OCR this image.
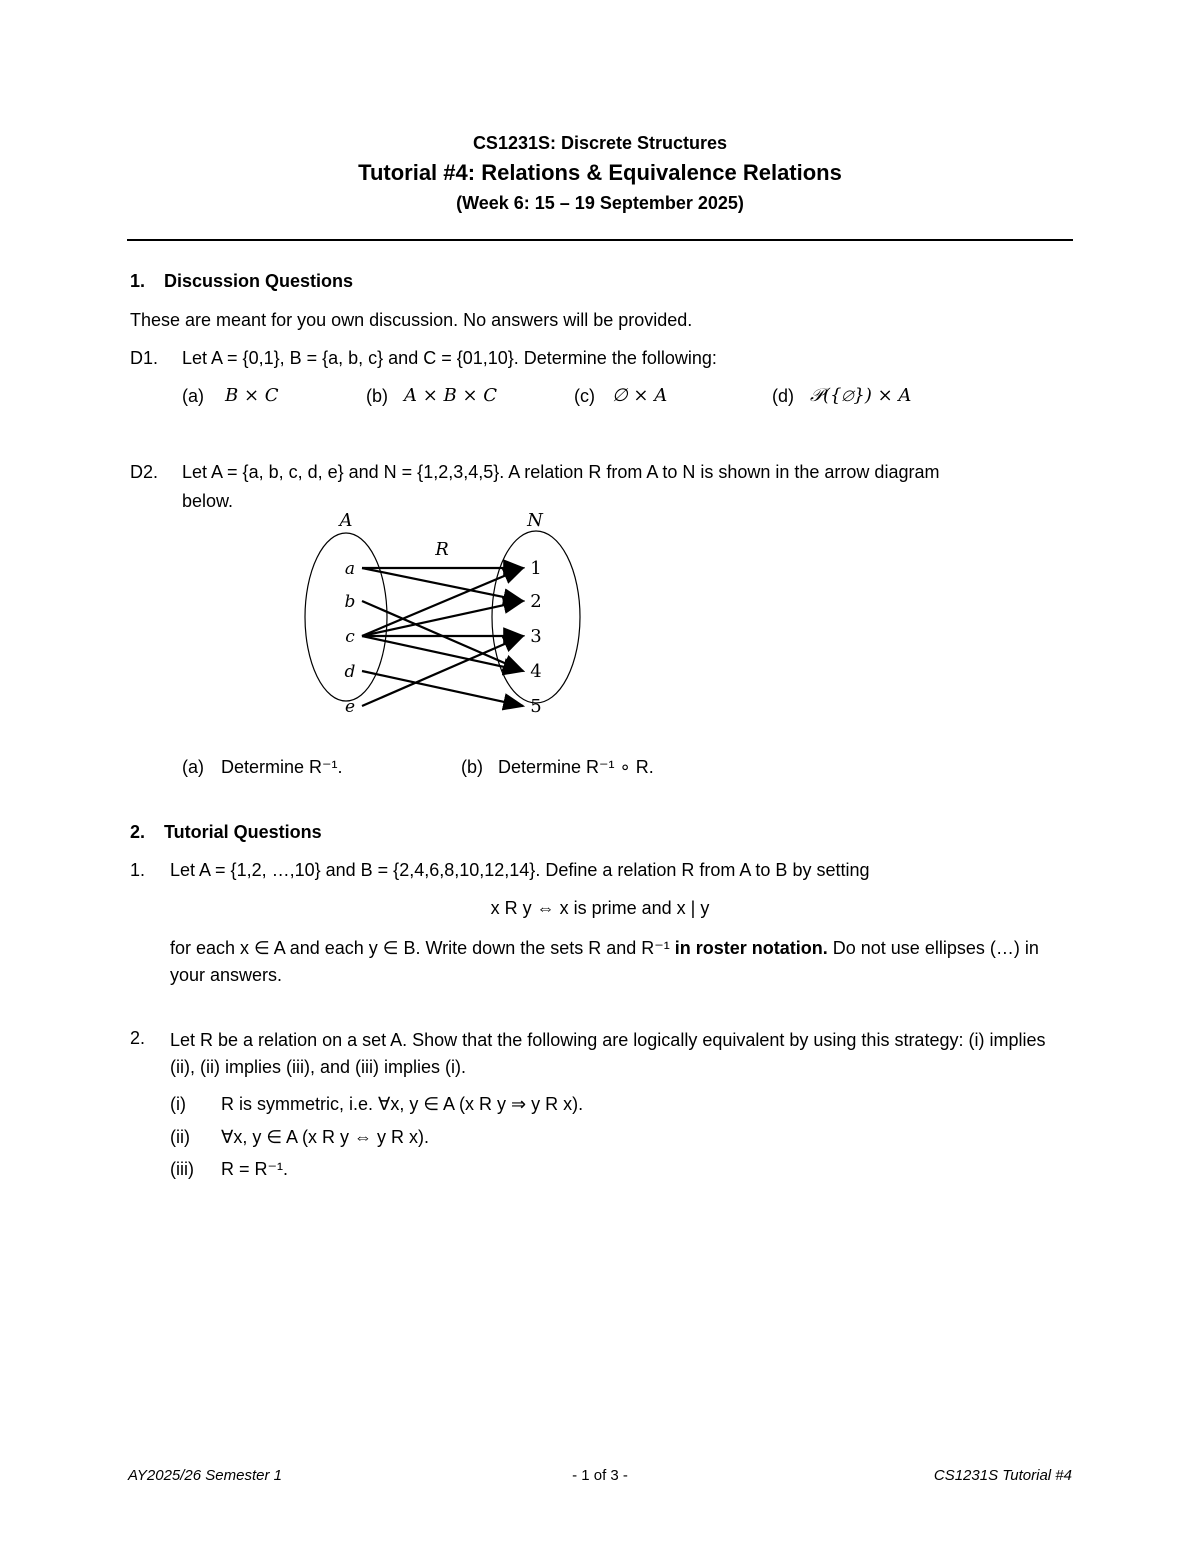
CS1231S: Discrete Structures
Tutorial #4: Relations & Equivalence Relations
(Week 6: 15 – 19 September 2025)
1. Discussion Questions
These are meant for you own discussion. No answers will be provided.
D1. Let A = {0,1}, B = {a, b, c} and C = {01,10}. Determine the following:
(a) B × C	(b) A × B × C	(c) ∅ × A	(d) 𝒫({∅}) × A
D2. Let A = {a, b, c, d, e} and N = {1,2,3,4,5}. A relation R from A to N is shown in the arrow diagram
below.
A	N
R
a
b
c
d
e
1
2
3
4
5
(a) Determine R⁻¹.	(b) Determine R⁻¹ ∘ R.
2. Tutorial Questions
1. Let A = {1,2, …,10} and B = {2,4,6,8,10,12,14}. Define a relation R from A to B by setting
x R y ⇔ x is prime and x | y
for each x ∈ A and each y ∈ B. Write down the sets R and R⁻¹ in roster notation. Do not use ellipses (…) in your answers.
2. Let R be a relation on a set A. Show that the following are logically equivalent by using this strategy: (i) implies (ii), (ii) implies (iii), and (iii) implies (i).
(i) R is symmetric, i.e. ∀x, y ∈ A (x R y ⇒ y R x).
(ii) ∀x, y ∈ A (x R y ⇔ y R x).
(iii) R = R⁻¹.
AY2025/26 Semester 1	- 1 of 3 -	CS1231S Tutorial #4
